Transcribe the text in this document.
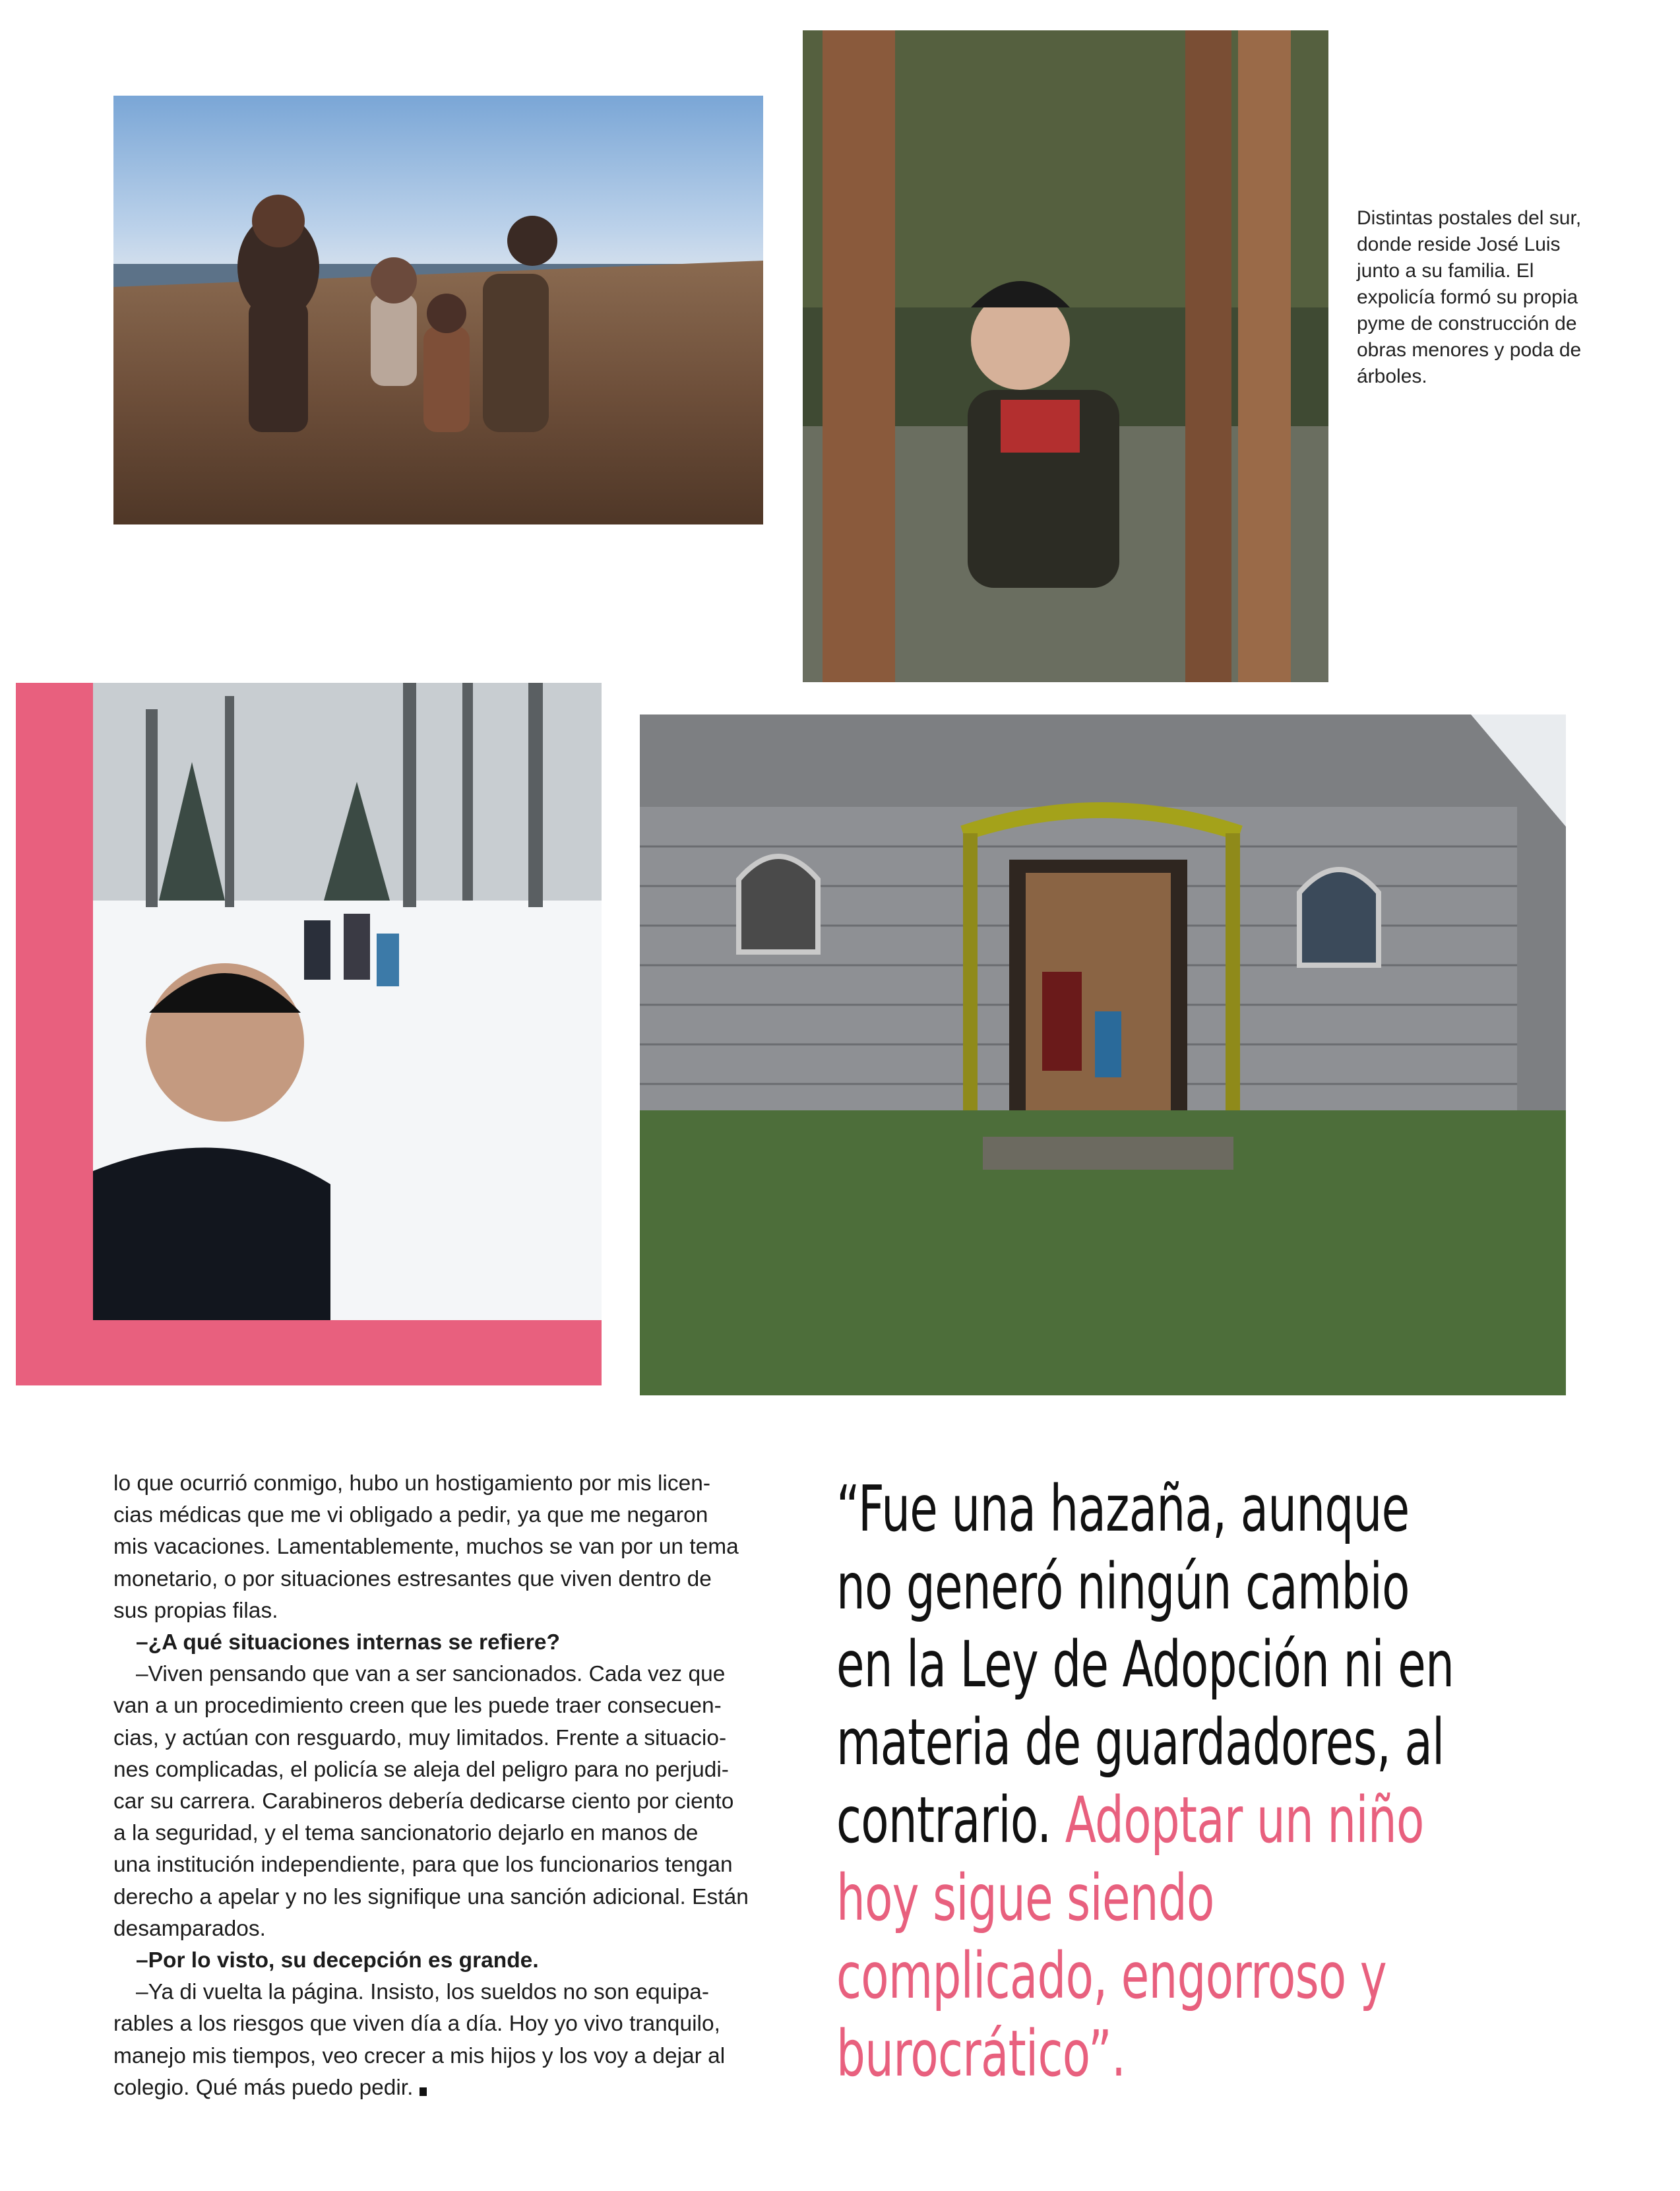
Distintas postales del sur,

donde reside José Luis

junto a su familia. El

expolicía formó su propia

pyme de construcción de

obras menores y poda de

árboles.

lo que ocurrió conmigo, hubo un hostigamiento por mis licen-
cias médicas que me vi obligado a pedir, ya que me negaron
mis vacaciones. Lamentablemente, muchos se van por un tema
monetario, o por situaciones estresantes que viven dentro de
sus propias filas.
–¿A qué situaciones internas se refiere?
–Viven pensando que van a ser sancionados. Cada vez que
van a un procedimiento creen que les puede traer consecuen-
cias, y actúan con resguardo, muy limitados. Frente a situacio-
nes complicadas, el policía se aleja del peligro para no perjudi-
car su carrera. Carabineros debería dedicarse ciento por ciento
a la seguridad, y el tema sancionatorio dejarlo en manos de
una institución independiente, para que los funcionarios tengan
derecho a apelar y no les signifique una sanción adicional. Están
desamparados.
–Por lo visto, su decepción es grande.
–Ya di vuelta la página. Insisto, los sueldos no son equipa-
rables a los riesgos que viven día a día. Hoy yo vivo tranquilo,
manejo mis tiempos, veo crecer a mis hijos y los voy a dejar al
colegio. Qué más puedo pedir.
“Fue una hazaña, aunque
no generó ningún cambio
en la Ley de Adopción ni en
materia de guardadores, al
contrario. Adoptar un niño
hoy sigue siendo
complicado, engorroso y
burocrático”.
